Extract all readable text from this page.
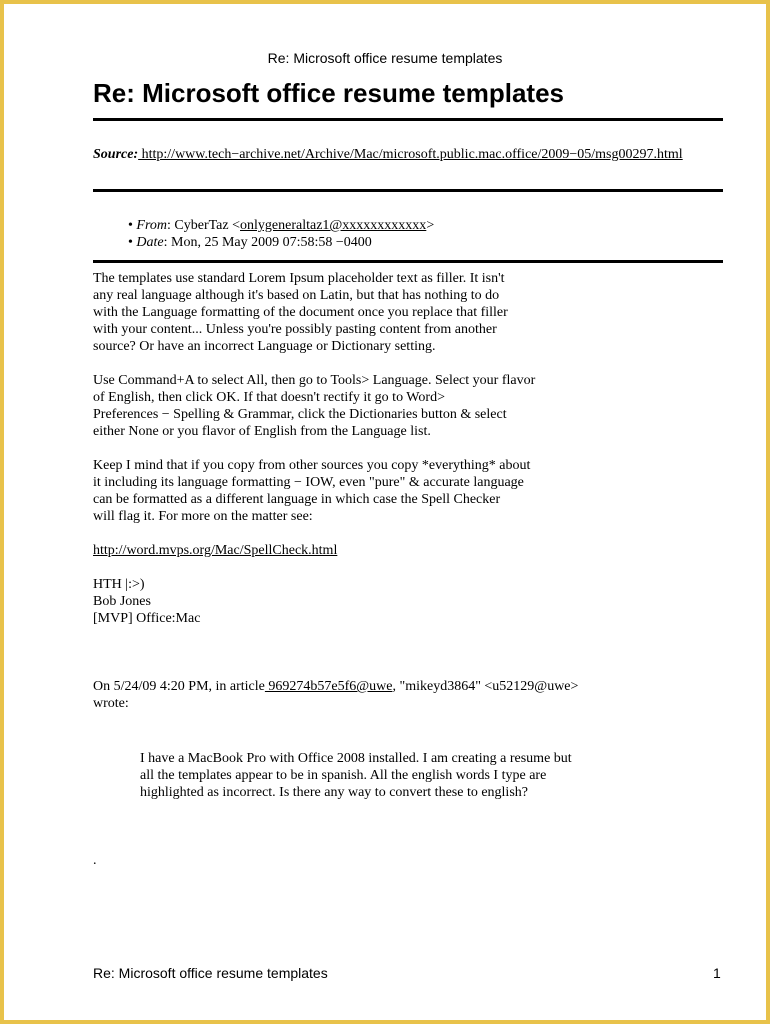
Re: Microsoft office resume templates
Re: Microsoft office resume templates
Source: http://www.tech−archive.net/Archive/Mac/microsoft.public.mac.office/2009−05/msg00297.html
• From: CyberTaz <onlygeneraltaz1@xxxxxxxxxxxx>
• Date: Mon, 25 May 2009 07:58:58 −0400

The templates use standard Lorem Ipsum placeholder text as filler. It isn't
any real language although it's based on Latin, but that has nothing to do
with the Language formatting of the document once you replace that filler
with your content... Unless you're possibly pasting content from another
source? Or have an incorrect Language or Dictionary setting.

Use Command+A to select All, then go to Tools> Language. Select your flavor
of English, then click OK. If that doesn't rectify it go to Word>
Preferences − Spelling & Grammar, click the Dictionaries button & select
either None or you flavor of English from the Language list.

Keep I mind that if you copy from other sources you copy *everything* about
it including its language formatting − IOW, even "pure" & accurate language
can be formatted as a different language in which case the Spell Checker
will flag it. For more on the matter see:

http://word.mvps.org/Mac/SpellCheck.html

HTH |:>)
Bob Jones
[MVP] Office:Mac

On 5/24/09 4:20 PM, in article 969274b57e5f6@uwe, "mikeyd3864" <u52129@uwe>
wrote:

I have a MacBook Pro with Office 2008 installed. I am creating a resume but
all the templates appear to be in spanish. All the english words I type are
highlighted as incorrect. Is there any way to convert these to english?
.
Re: Microsoft office resume templates	1
